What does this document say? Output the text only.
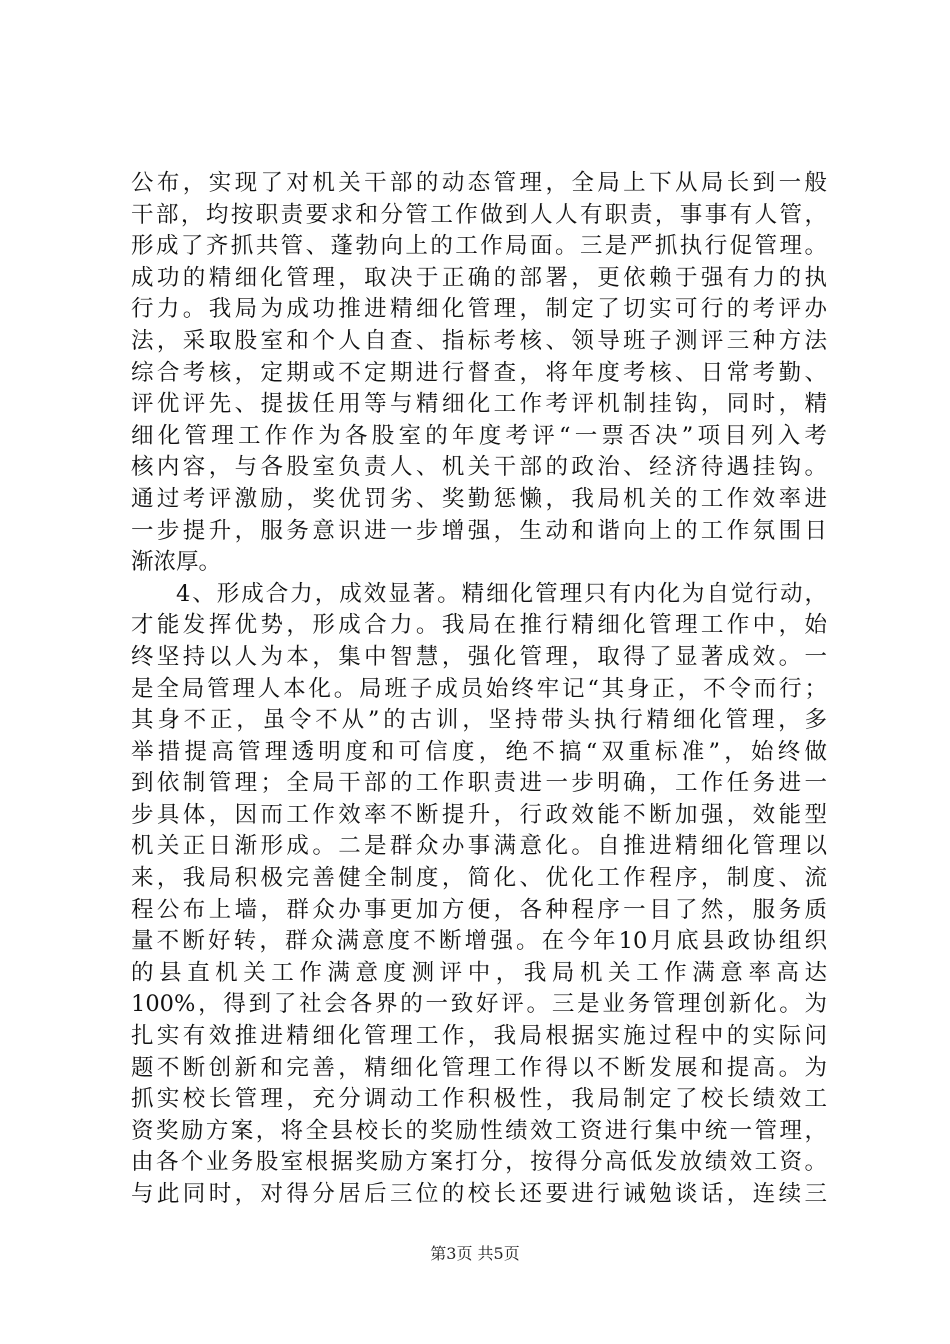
公布，实现了对机关干部的动态管理，全局上下从局长到一般
干部，均按职责要求和分管工作做到人人有职责，事事有人管，
形成了齐抓共管、蓬勃向上的工作局面。三是严抓执行促管理。
成功的精细化管理，取决于正确的部署，更依赖于强有力的执
行力。我局为成功推进精细化管理，制定了切实可行的考评办
法，采取股室和个人自查、指标考核、领导班子测评三种方法
综合考核，定期或不定期进行督查，将年度考核、日常考勤、
评优评先、提拔任用等与精细化工作考评机制挂钩，同时，精
细化管理工作作为各股室的年度考评“一票否决”项目列入考
核内容，与各股室负责人、机关干部的政治、经济待遇挂钩。
通过考评激励，奖优罚劣、奖勤惩懒，我局机关的工作效率进
一步提升，服务意识进一步增强，生动和谐向上的工作氛围日
渐浓厚。
4、形成合力，成效显著。精细化管理只有内化为自觉行动，
才能发挥优势，形成合力。我局在推行精细化管理工作中，始
终坚持以人为本，集中智慧，强化管理，取得了显著成效。一
是全局管理人本化。局班子成员始终牢记“其身正，不令而行；
其身不正，虽令不从”的古训，坚持带头执行精细化管理，多
举措提高管理透明度和可信度，绝不搞“双重标准”，始终做
到依制管理；全局干部的工作职责进一步明确，工作任务进一
步具体，因而工作效率不断提升，行政效能不断加强，效能型
机关正日渐形成。二是群众办事满意化。自推进精细化管理以
来，我局积极完善健全制度，简化、优化工作程序，制度、流
程公布上墙，群众办事更加方便，各种程序一目了然，服务质
量不断好转，群众满意度不断增强。在今年10月底县政协组织
的县直机关工作满意度测评中，我局机关工作满意率高达
100%，得到了社会各界的一致好评。三是业务管理创新化。为
扎实有效推进精细化管理工作，我局根据实施过程中的实际问
题不断创新和完善，精细化管理工作得以不断发展和提高。为
抓实校长管理，充分调动工作积极性，我局制定了校长绩效工
资奖励方案，将全县校长的奖励性绩效工资进行集中统一管理，
由各个业务股室根据奖励方案打分，按得分高低发放绩效工资。
与此同时，对得分居后三位的校长还要进行诫勉谈话，连续三
第3页 共5页
